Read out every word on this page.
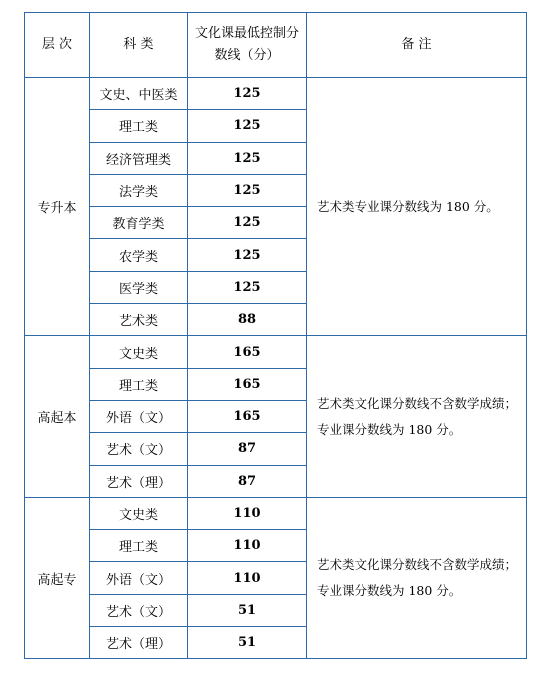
层 次	科 类	文化课最低控制分
数线（分）	备 注
专升本	文史、中医类	125	艺术类专业课分数线为 180 分。

	理工类	125	
	经济管理类	125	
	法学类	125	
	教育学类	125	
	农学类	125	
	医学类	125	
	艺术类	88	
高起本	文史类	165	艺术类文化课分数线不含数学成绩；
专业课分数线为 180 分。

	理工类	165	
	外语（文）	165	
	艺术（文）	87	
	艺术（理）	87	
高起专	文史类	110	艺术类文化课分数线不含数学成绩；
专业课分数线为 180 分。

	理工类	110	
	外语（文）	110	
	艺术（文）	51	
	艺术（理）	51	
